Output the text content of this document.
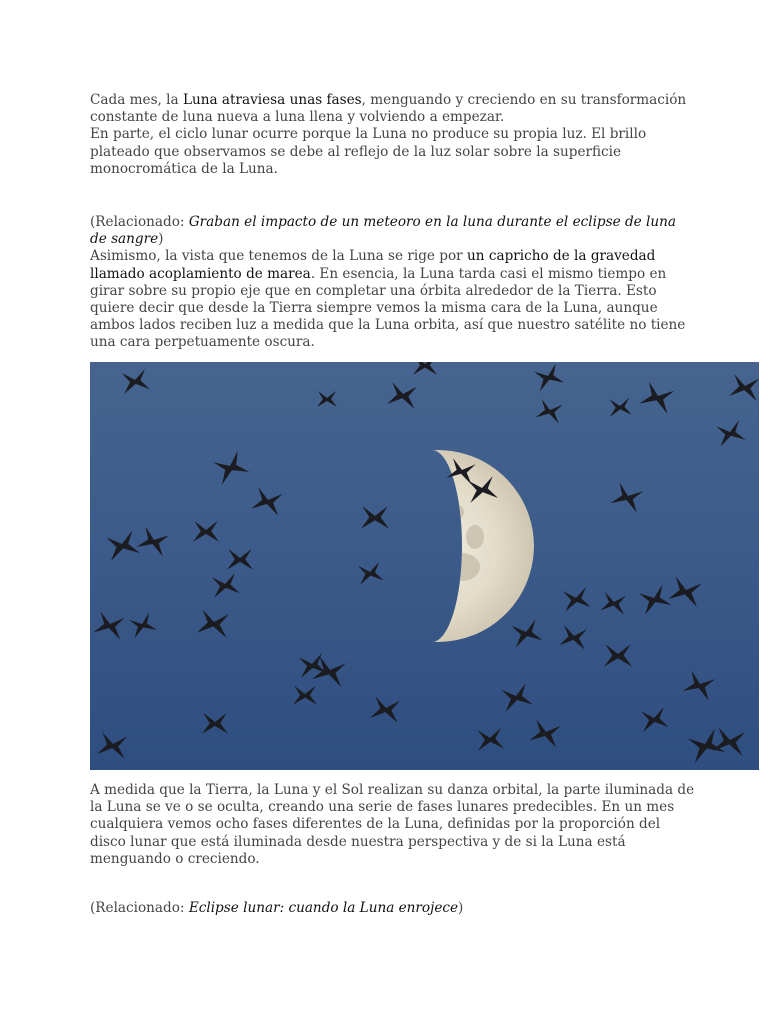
Cada mes, la Luna atraviesa unas fases, menguando y creciendo en su transformación constante de luna nueva a luna llena y volviendo a empezar.

En parte, el ciclo lunar ocurre porque la Luna no produce su propia luz. El brillo plateado que observamos se debe al reflejo de la luz solar sobre la superficie monocromática de la Luna.

(Relacionado: Graban el impacto de un meteoro en la luna durante el eclipse de luna de sangre)

Asimismo, la vista que tenemos de la Luna se rige por un capricho de la gravedad llamado acoplamiento de marea. En esencia, la Luna tarda casi el mismo tiempo en girar sobre su propio eje que en completar una órbita alrededor de la Tierra. Esto quiere decir que desde la Tierra siempre vemos la misma cara de la Luna, aunque ambos lados reciben luz a medida que la Luna orbita, así que nuestro satélite no tiene una cara perpetuamente oscura.

A medida que la Tierra, la Luna y el Sol realizan su danza orbital, la parte iluminada de la Luna se ve o se oculta, creando una serie de fases lunares predecibles. En un mes cualquiera vemos ocho fases diferentes de la Luna, definidas por la proporción del disco lunar que está iluminada desde nuestra perspectiva y de si la Luna está menguando o creciendo.

(Relacionado: Eclipse lunar: cuando la Luna enrojece)
